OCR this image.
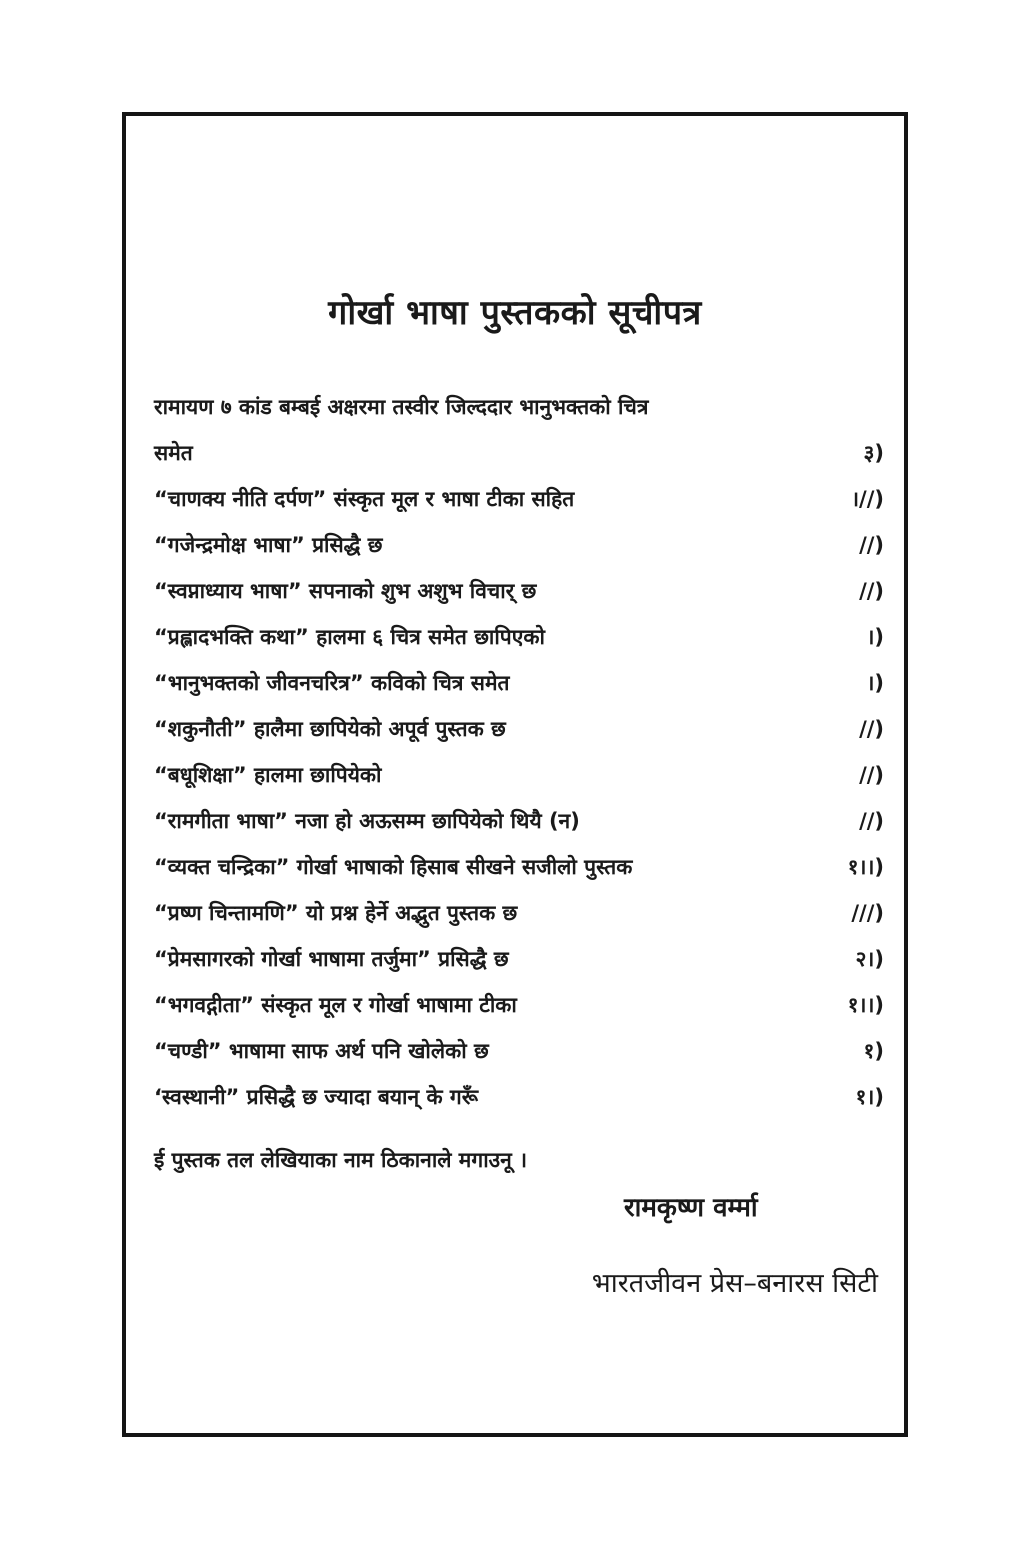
गोर्खा भाषा पुस्तकको सूचीपत्र
रामायण ७ कांड बम्बई अक्षरमा तस्वीर जिल्ददार भानुभक्तको चित्र
समेत	३)
“चाणक्य नीति दर्पण” संस्कृत मूल र भाषा टीका सहित	।//)
“गजेन्द्रमोक्ष भाषा” प्रसिद्धै छ	//)
“स्वप्नाध्याय भाषा” सपनाको शुभ अशुभ विचार् छ	//)
“प्रह्लादभक्ति कथा” हालमा ६ चित्र समेत छापिएको	।)
“भानुभक्तको जीवनचरित्र” कविको चित्र समेत	।)
“शकुनौती” हालैमा छापियेको अपूर्व पुस्तक छ	//)
“बधूशिक्षा” हालमा छापियेको	//)
“रामगीता भाषा” नजा हो अऊसम्म छापियेको थियै (न)	//)
“व्यक्त चन्द्रिका” गोर्खा भाषाको हिसाब सीखने सजीलो पुस्तक	१।।)
“प्रष्ण चिन्तामणि” यो प्रश्न हेर्ने अद्भुत पुस्तक छ	///)
“प्रेमसागरको गोर्खा भाषामा तर्जुमा” प्रसिद्धै छ	२।)
“भगवद्गीता” संस्कृत मूल र गोर्खा भाषामा टीका	१।।)
“चण्डी” भाषामा साफ अर्थ पनि खोलेको छ	१)
‘स्वस्थानी” प्रसिद्धै छ ज्यादा बयान् के गरूँ	१।)
ई पुस्तक तल लेखियाका नाम ठिकानाले मगाउनू ।
रामकृष्ण वर्म्मा
भारतजीवन प्रेस–बनारस सिटी
